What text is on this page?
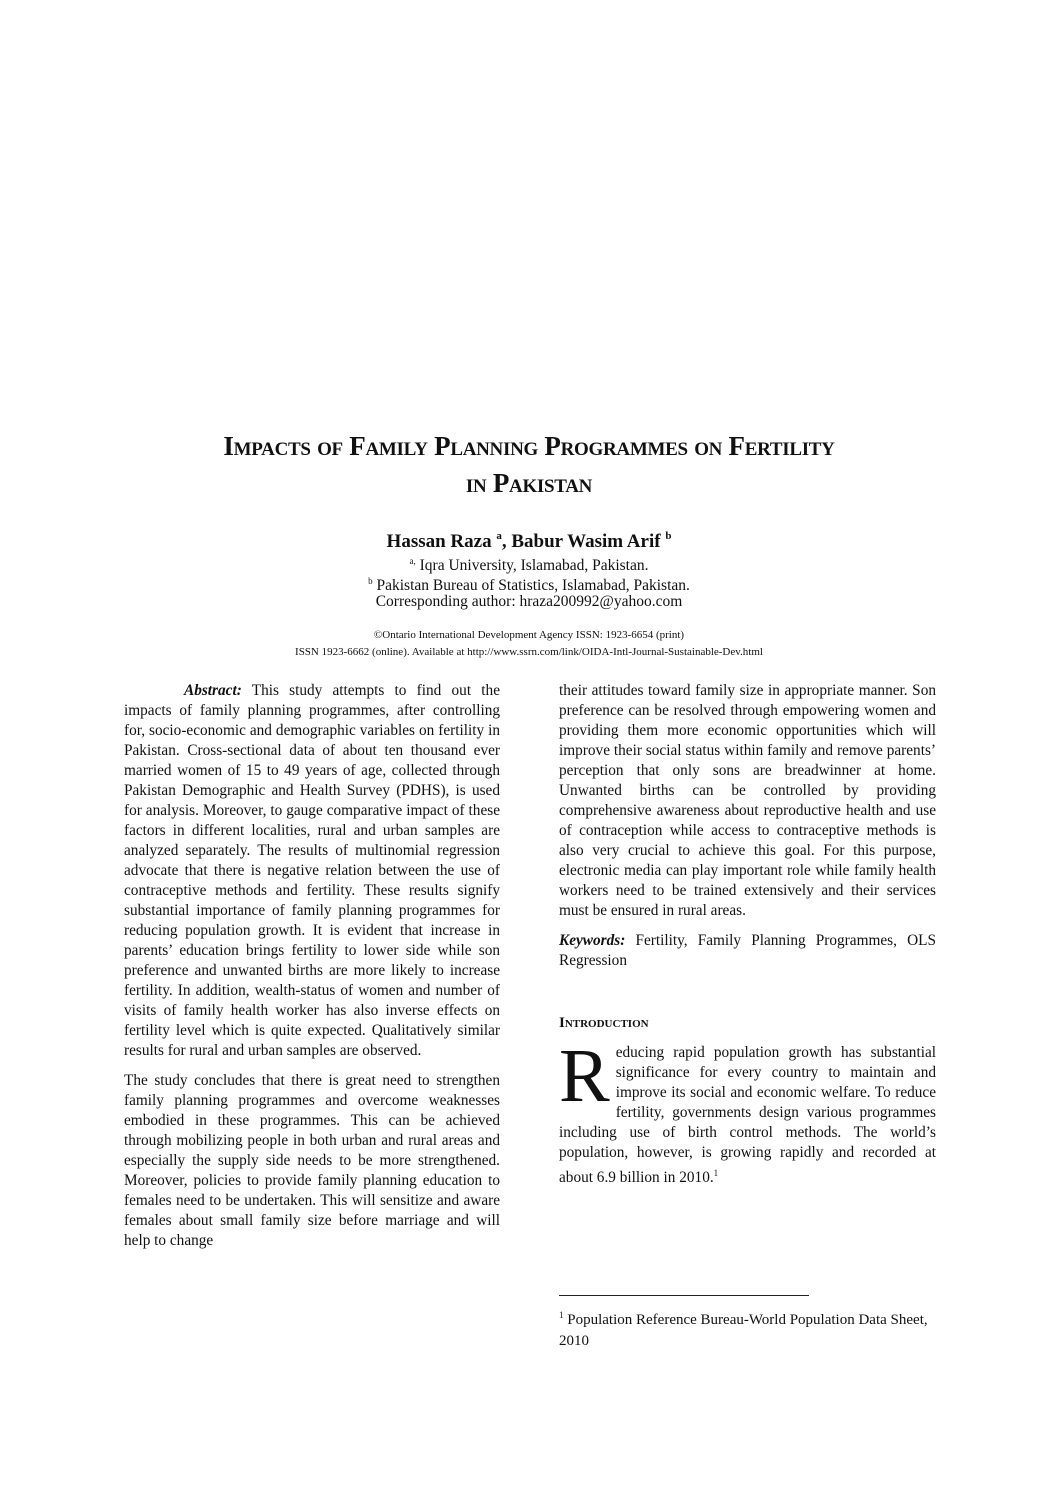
Impacts of Family Planning Programmes on Fertility
in Pakistan
Hassan Raza $^a$, Babur Wasim Arif $^b$
$^{a,}$ Iqra University, Islamabad, Pakistan.
$^b$ Pakistan Bureau of Statistics, Islamabad, Pakistan.
Corresponding author: hraza200992@yahoo.com
©Ontario International Development Agency ISSN: 1923-6654 (print)
ISSN 1923-6662 (online). Available at http://www.ssrn.com/link/OIDA-Intl-Journal-Sustainable-Dev.html

Abstract: This study attempts to find out the impacts of family planning programmes, after controlling for, socio-economic and demographic variables on fertility in Pakistan. Cross-sectional data of about ten thousand ever married women of 15 to 49 years of age, collected through Pakistan Demographic and Health Survey (PDHS), is used for analysis. Moreover, to gauge comparative impact of these factors in different localities, rural and urban samples are analyzed separately. The results of multinomial regression advocate that there is negative relation between the use of contraceptive methods and fertility. These results signify substantial importance of family planning programmes for reducing population growth. It is evident that increase in parents’ education brings fertility to lower side while son preference and unwanted births are more likely to increase fertility. In addition, wealth-status of women and number of visits of family health worker has also inverse effects on fertility level which is quite expected. Qualitatively similar results for rural and urban samples are observed.

The study concludes that there is great need to strengthen family planning programmes and overcome weaknesses embodied in these programmes. This can be achieved through mobilizing people in both urban and rural areas and especially the supply side needs to be more strengthened. Moreover, policies to provide family planning education to females need to be undertaken. This will sensitize and aware females about small family size before marriage and will help to change

their attitudes toward family size in appropriate manner. Son preference can be resolved through empowering women and providing them more economic opportunities which will improve their social status within family and remove parents’ perception that only sons are breadwinner at home. Unwanted births can be controlled by providing comprehensive awareness about reproductive health and use of contraception while access to contraceptive methods is also very crucial to achieve this goal. For this purpose, electronic media can play important role while family health workers need to be trained extensively and their services must be ensured in rural areas.

Keywords: Fertility, Family Planning Programmes, OLS Regression

Introduction

Reducing rapid population growth has substantial significance for every country to maintain and improve its social and economic welfare. To reduce fertility, governments design various programmes including use of birth control methods. The world’s population, however, is growing rapidly and recorded at about 6.9 billion in 2010.$^1$

$^1$ Population Reference Bureau-World Population Data Sheet, 2010
